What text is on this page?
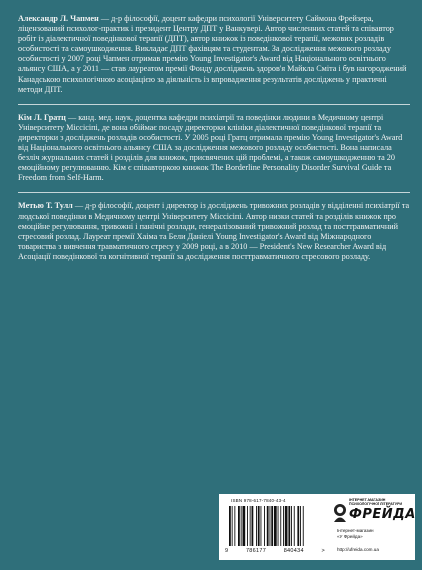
Александр Л. Чапмен — д-р філософії, доцент кафедри психології Університету Саймона Фрейзера, ліцензований психолог-практик і президент Центру ДПТ у Ванкувері. Автор численних статей та співавтор робіт із діалектичної поведінкової терапії (ДПТ), автор книжок із поведінкової терапії, межових розладів особистості та самоушкодження. Викладає ДПТ фахівцям та студентам. За дослідження межового розладу особистості у 2007 році Чапмен отримав премію Young Investigator's Award від Національного освітнього альянсу США, а у 2011 — став лауреатом премії Фонду досліджень здоров'я Майкла Сміта і був нагороджений Канадською психологічною асоціацією за діяльність із впровадження результатів досліджень у практичні методи ДПТ.

Кім Л. Гратц — канд. мед. наук, доцентка кафедри психіатрії та поведінки людини в Медичному центрі Університету Міссісіпі, де вона обіймає посаду директорки клініки діалектичної поведінкової терапії та директорки з досліджень розладів особистості. У 2005 році Гратц отримала премію Young Investigator's Award від Національного освітнього альянсу США за дослідження межового розладу особистості. Вона написала безліч журнальних статей і розділів для книжок, присвячених цій проблемі, а також самоушкодженню та 20 емоційному регулюванню. Кім є співавторкою книжок The Borderline Personality Disorder Survival Guide та Freedom from Self-Harm.

Метью Т. Тулл — д-р філософії, доцент і директор із досліджень тривожних розладів у відділенні психіатрії та людської поведінки в Медичному центрі Університету Міссісіпі. Автор низки статей та розділів книжок про емоційне регулювання, тривожні і панічні розлади, генералізований тривожний розлад та посттравматичний стресовий розлад. Лауреат премії Хаіма та Бели Даніелі Young Investigator's Award від Міжнародного товариства з вивчення травматичного стресу у 2009 році, а в 2010 — President's New Researcher Award від Асоціації поведінкової та когнітивної терапії за дослідження посттравматичного стресового розладу.

ISBN 978-617-7840-43-4
9	786177	840434	>
ІНТЕРНЕТ-МАГАЗИН ПСИХОЛОГІЧНОЇ ЛІТЕРАТУРИ
ФРЕЙДА
Інтернет-магазин
«У Фрейда»
http://ufreida.com.ua
